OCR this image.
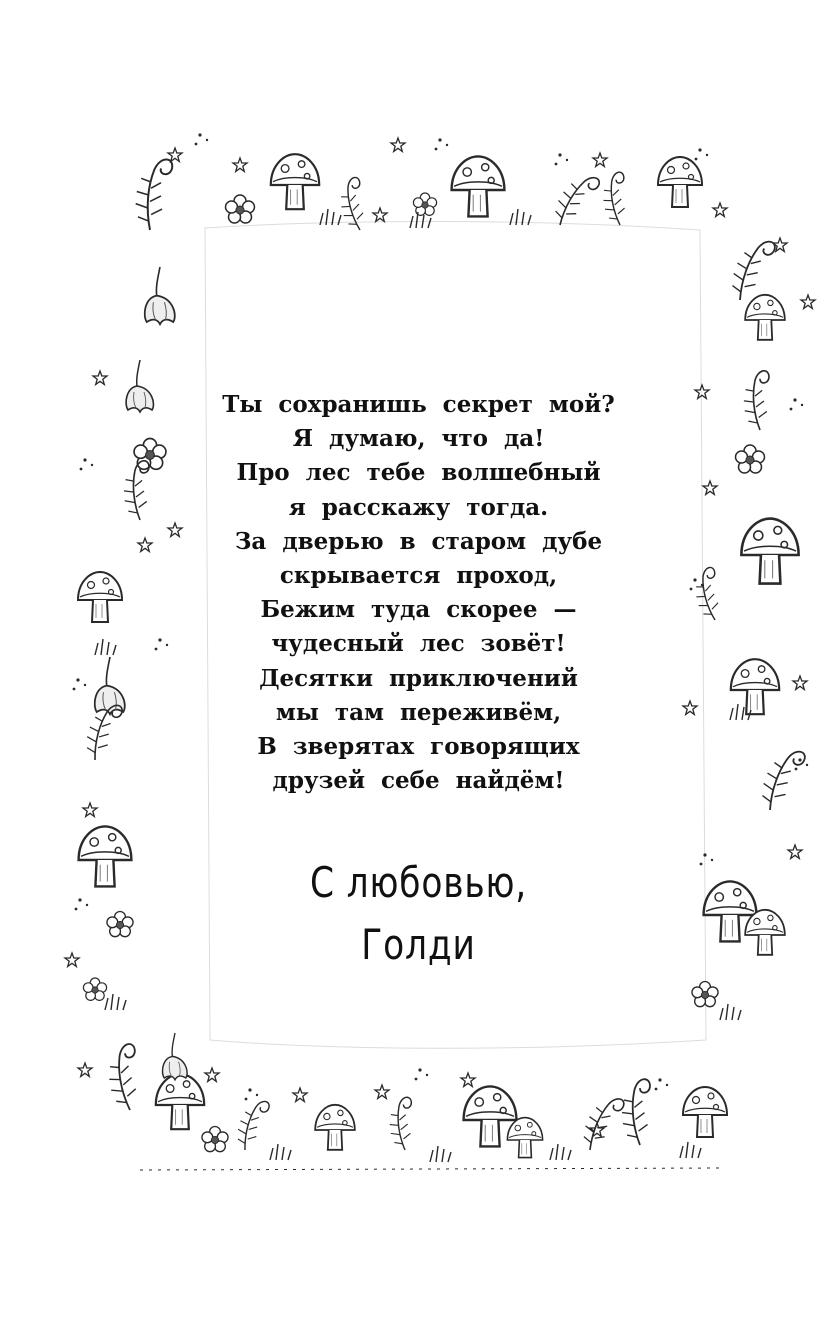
Ты сохранишь секрет мой?
Я думаю, что да!
Про лес тебе волшебный
я расскажу тогда.
За дверью в старом дубе
скрывается проход,
Бежим туда скорее —
чудесный лес зовёт!
Десятки приключений
мы там переживём,
В зверятах говорящих
друзей себе найдём!
С любовью,
Голди
